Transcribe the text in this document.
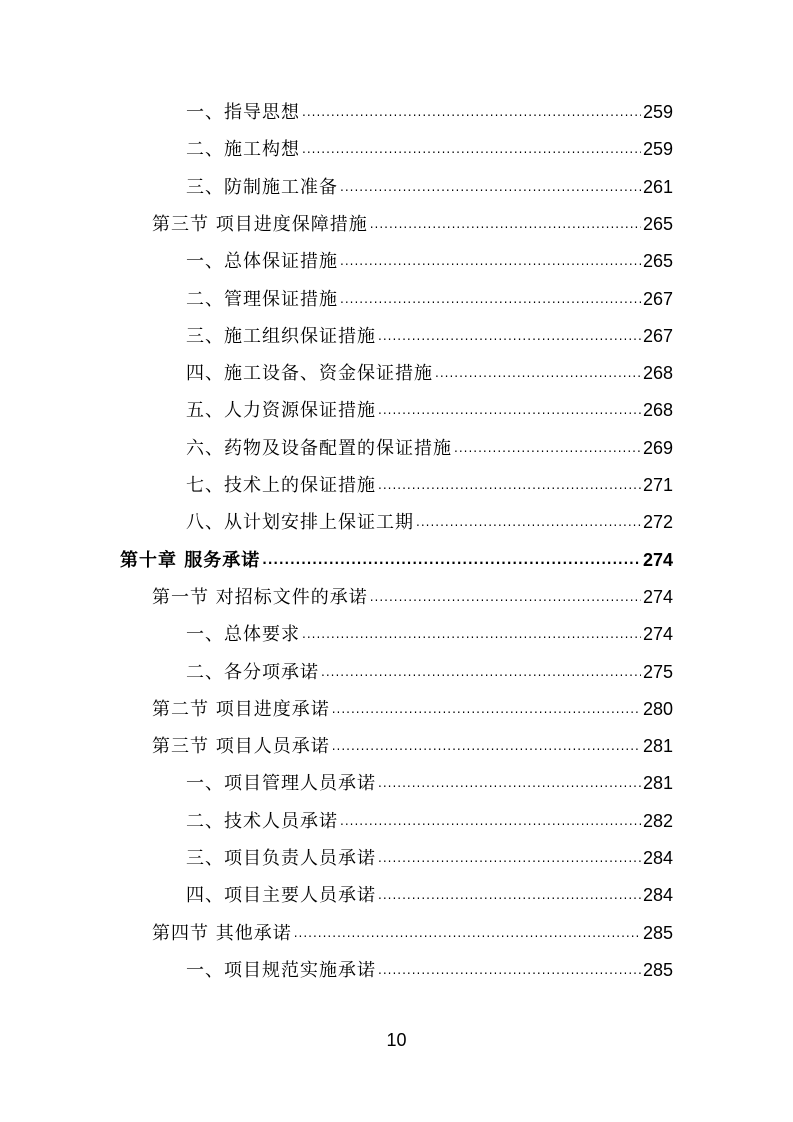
一、指导思想 .....	259
二、施工构想 .....	259
三、防制施工准备 .....	261
第三节 项目进度保障措施 .....	265
一、总体保证措施 .....	265
二、管理保证措施 .....	267
三、施工组织保证措施 .....	267
四、施工设备、资金保证措施 .....	268
五、人力资源保证措施 .....	268
六、药物及设备配置的保证措施 .....	269
七、技术上的保证措施 .....	271
八、从计划安排上保证工期 .....	272
第十章 服务承诺 .....	274
第一节 对招标文件的承诺 .....	274
一、总体要求 .....	274
二、各分项承诺 .....	275
第二节 项目进度承诺 .....	280
第三节 项目人员承诺 .....	281
一、项目管理人员承诺 .....	281
二、技术人员承诺 .....	282
三、项目负责人员承诺 .....	284
四、项目主要人员承诺 .....	284
第四节 其他承诺 .....	285
一、项目规范实施承诺 .....	285
10
